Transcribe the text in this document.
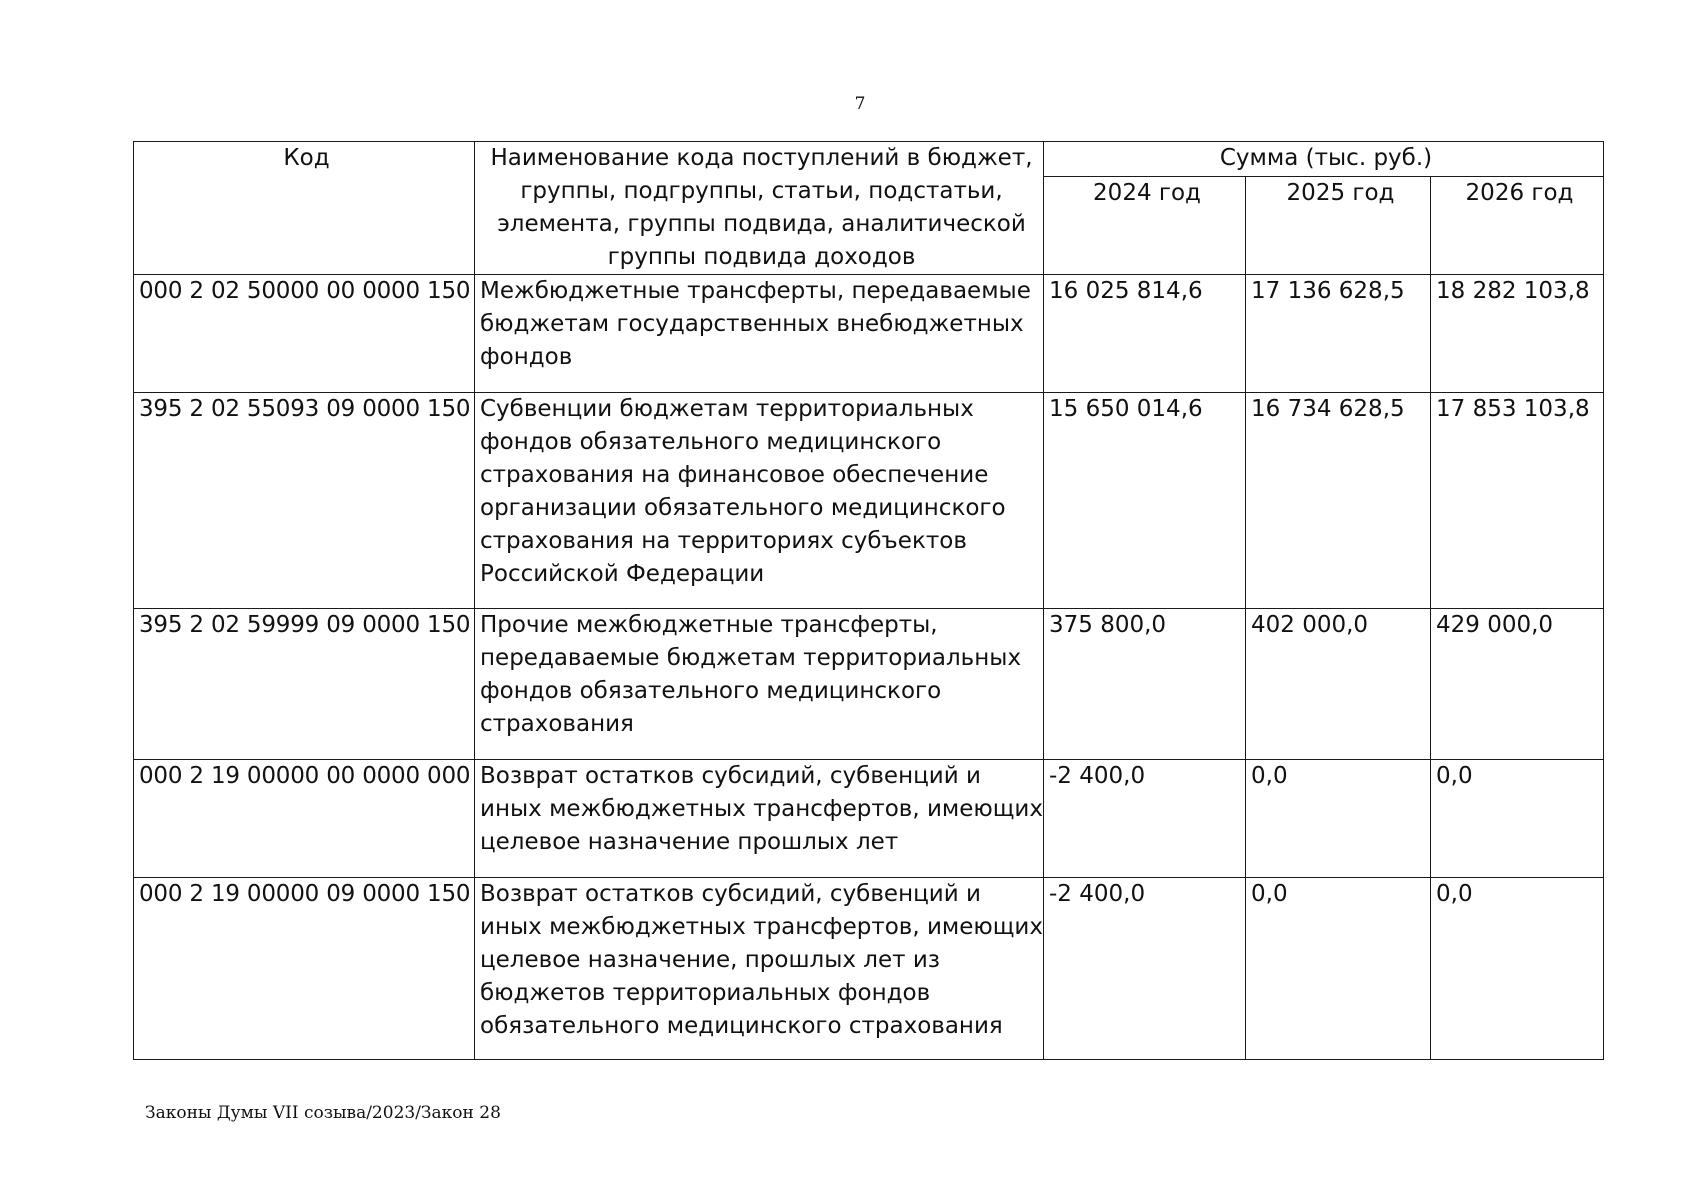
7
Код	Наименование кода поступлений в бюджет, группы, подгруппы, статьи, подстатьи, элемента, группы подвида, аналитической группы подвида доходов	Сумма (тыс. руб.)		
		2024 год	2025 год	2026 год
000 2 02 50000 00 0000 150	Межбюджетные трансферты, передаваемые бюджетам государственных внебюджетных фондов	16 025 814,6	17 136 628,5	18 282 103,8
395 2 02 55093 09 0000 150	Субвенции бюджетам территориальных фондов обязательного медицинского страхования на финансовое обеспечение организации обязательного медицинского страхования на территориях субъектов Российской Федерации	15 650 014,6	16 734 628,5	17 853 103,8
395 2 02 59999 09 0000 150	Прочие межбюджетные трансферты, передаваемые бюджетам территориальных фондов обязательного медицинского страхования	375 800,0	402 000,0	429 000,0
000 2 19 00000 00 0000 000	Возврат остатков субсидий, субвенций и иных межбюджетных трансфертов, имеющих целевое назначение прошлых лет	-2 400,0	0,0	0,0
000 2 19 00000 09 0000 150	Возврат остатков субсидий, субвенций и иных межбюджетных трансфертов, имеющих целевое назначение, прошлых лет из бюджетов территориальных фондов обязательного медицинского страхования	-2 400,0	0,0	0,0
Законы Думы VII созыва/2023/Закон 28
